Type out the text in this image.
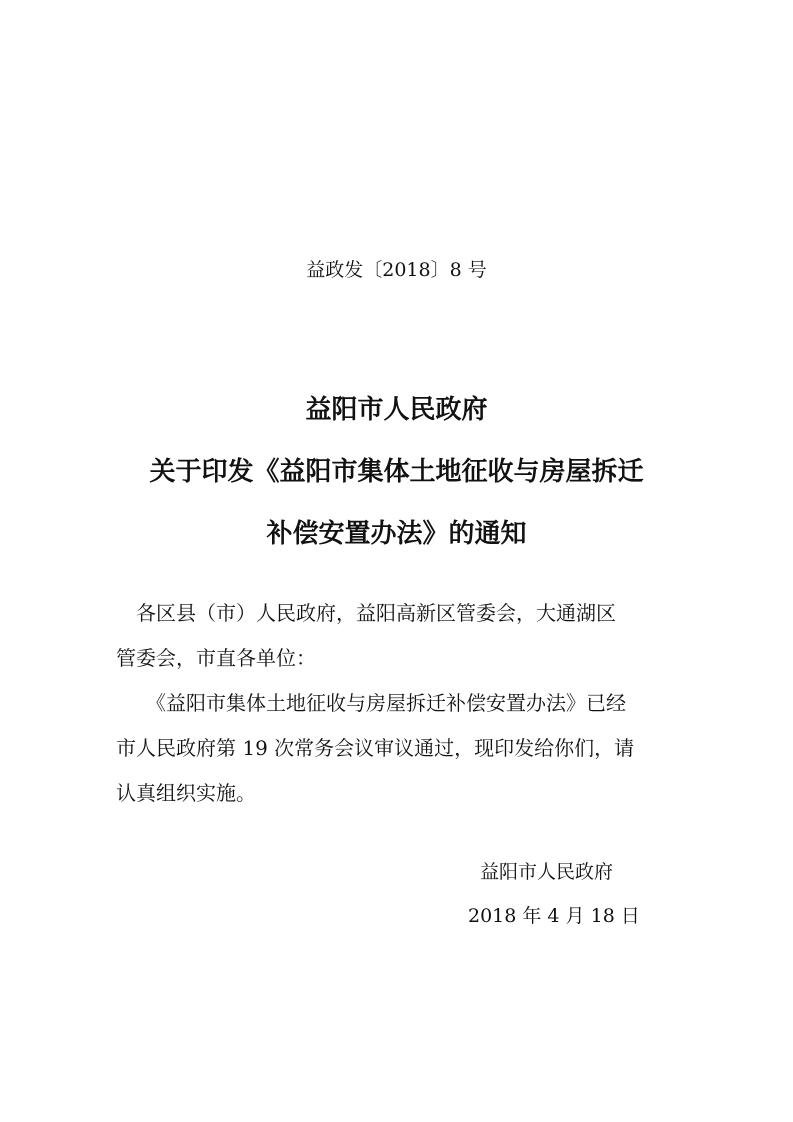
益政发〔2018〕8 号
益阳市人民政府
关于印发《益阳市集体土地征收与房屋拆迁
补偿安置办法》的通知
　各区县（市）人民政府，益阳高新区管委会，大通湖区
管委会，市直各单位：
　　《益阳市集体土地征收与房屋拆迁补偿安置办法》已经
市人民政府第 19 次常务会议审议通过，现印发给你们，请
认真组织实施。
益阳市人民政府
2018 年 4 月 18 日
